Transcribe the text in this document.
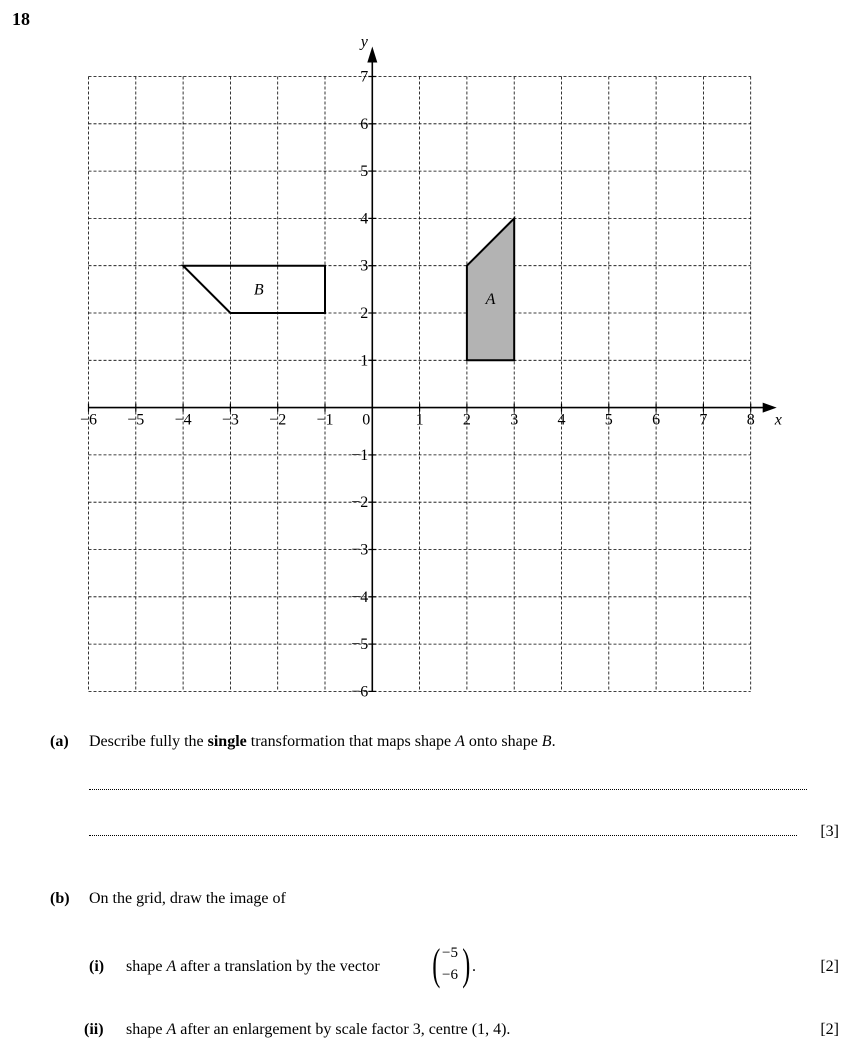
18
A
B
x
y
−6 −5 −4 −3 −2 −1 0	1 2 3 4 5 6 7 8
−6
−5
−4
−3
−2
−1
1
2
3
4
5
6
7
(a) Describe fully the single transformation that maps shape A onto shape B.
[3]
(b) On the grid, draw the image of
(i) shape A after a translation by the vector ( −5
−6 ) .	[2]
(ii) shape A after an enlargement by scale factor 3, centre (1, 4).	[2]
